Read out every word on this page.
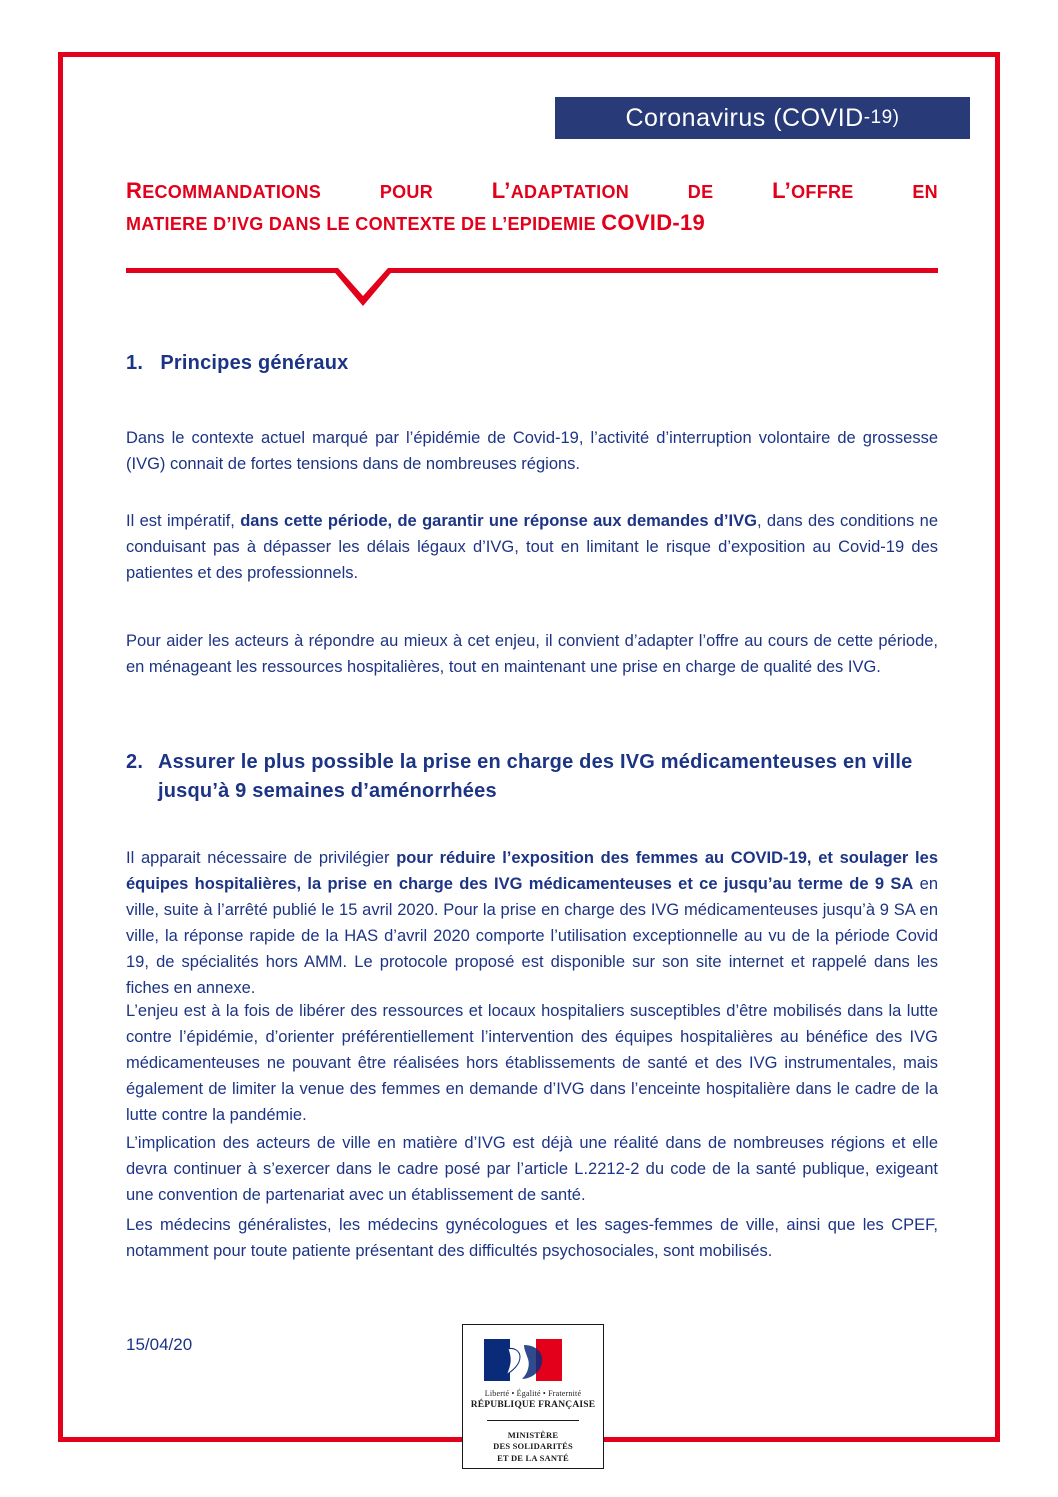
Coronavirus (COVID -19)
RECOMMANDATIONS	POUR	L’ADAPTATION	DE	L’OFFRE	EN
MATIERE D’IVG DANS LE CONTEXTE DE L’EPIDEMIE COVID-19
1. Principes généraux

Dans le contexte actuel marqué par l’épidémie de Covid-19, l’activité d’interruption volontaire de grossesse (IVG) connait de fortes tensions dans de nombreuses régions.

Il est impératif, dans cette période, de garantir une réponse aux demandes d’IVG, dans des conditions ne conduisant pas à dépasser les délais légaux d’IVG, tout en limitant le risque d’exposition au Covid-19 des patientes et des professionnels.

Pour aider les acteurs à répondre au mieux à cet enjeu, il convient d’adapter l’offre au cours de cette période, en ménageant les ressources hospitalières, tout en maintenant une prise en charge de qualité des IVG.

2. Assurer le plus possible la prise en charge des IVG médicamenteuses en ville jusqu’à 9 semaines d’aménorrhées

Il apparait nécessaire de privilégier pour réduire l’exposition des femmes au COVID-19, et soulager les équipes hospitalières, la prise en charge des IVG médicamenteuses et ce jusqu’au terme de 9 SA en ville, suite à l’arrêté publié le 15 avril 2020. Pour la prise en charge des IVG médicamenteuses jusqu’à 9 SA en ville, la réponse rapide de la HAS d’avril 2020 comporte l’utilisation exceptionnelle au vu de la période Covid 19, de spécialités hors AMM. Le protocole proposé est disponible sur son site internet et rappelé dans les fiches en annexe.

L’enjeu est à la fois de libérer des ressources et locaux hospitaliers susceptibles d’être mobilisés dans la lutte contre l’épidémie, d’orienter préférentiellement l’intervention des équipes hospitalières au bénéfice des IVG médicamenteuses ne pouvant être réalisées hors établissements de santé et des IVG instrumentales, mais également de limiter la venue des femmes en demande d’IVG dans l’enceinte hospitalière dans le cadre de la lutte contre la pandémie.

L’implication des acteurs de ville en matière d’IVG est déjà une réalité dans de nombreuses régions et elle devra continuer à s’exercer dans le cadre posé par l’article L.2212-2 du code de la santé publique, exigeant une convention de partenariat avec un établissement de santé.

Les médecins généralistes, les médecins gynécologues et les sages-femmes de ville, ainsi que les CPEF, notamment pour toute patiente présentant des difficultés psychosociales, sont mobilisés.

15/04/20
Liberté • Égalité • Fraternité
RÉPUBLIQUE FRANÇAISE
MINISTÈRE
DES SOLIDARITÉS
ET DE LA SANTÉ
